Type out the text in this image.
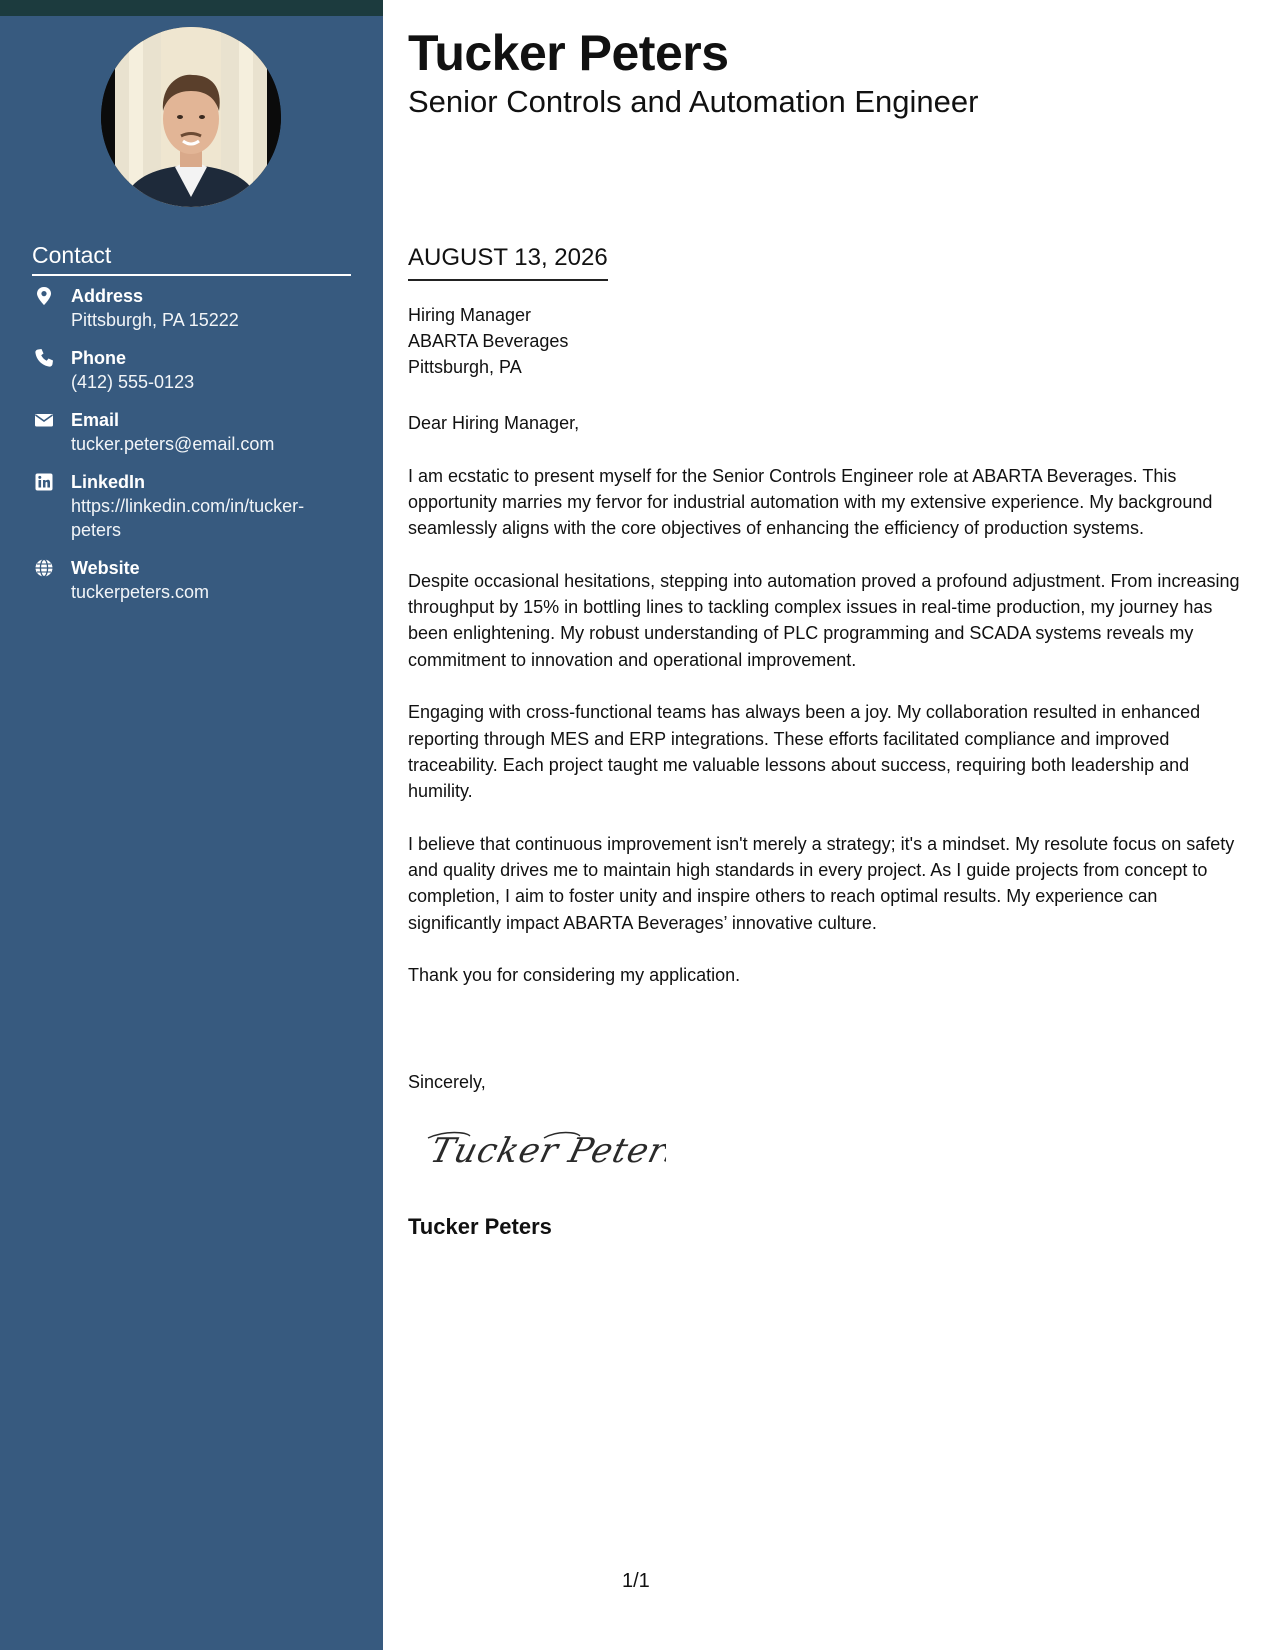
Contact
Address
Pittsburgh, PA 15222
Phone
(412) 555-0123
Email
tucker.peters@email.com
LinkedIn
https://linkedin.com/in/tucker-peters
Website
tuckerpeters.com
Tucker Peters
Senior Controls and Automation Engineer
AUGUST 13, 2026
Hiring Manager
ABARTA Beverages
Pittsburgh, PA

Dear Hiring Manager,

I am ecstatic to present myself for the Senior Controls Engineer role at ABARTA Beverages. This opportunity marries my fervor for industrial automation with my extensive experience. My background seamlessly aligns with the core objectives of enhancing the efficiency of production systems.

Despite occasional hesitations, stepping into automation proved a profound adjustment. From increasing throughput by 15% in bottling lines to tackling complex issues in real-time production, my journey has been enlightening. My robust understanding of PLC programming and SCADA systems reveals my commitment to innovation and operational improvement.

Engaging with cross-functional teams has always been a joy. My collaboration resulted in enhanced reporting through MES and ERP integrations. These efforts facilitated compliance and improved traceability. Each project taught me valuable lessons about success, requiring both leadership and humility.

I believe that continuous improvement isn't merely a strategy; it's a mindset. My resolute focus on safety and quality drives me to maintain high standards in every project. As I guide projects from concept to completion, I aim to foster unity and inspire others to reach optimal results. My experience can significantly impact ABARTA Beverages’ innovative culture.

Thank you for considering my application.

Sincerely,
Tucker Peters
Tucker Peters
1/1
